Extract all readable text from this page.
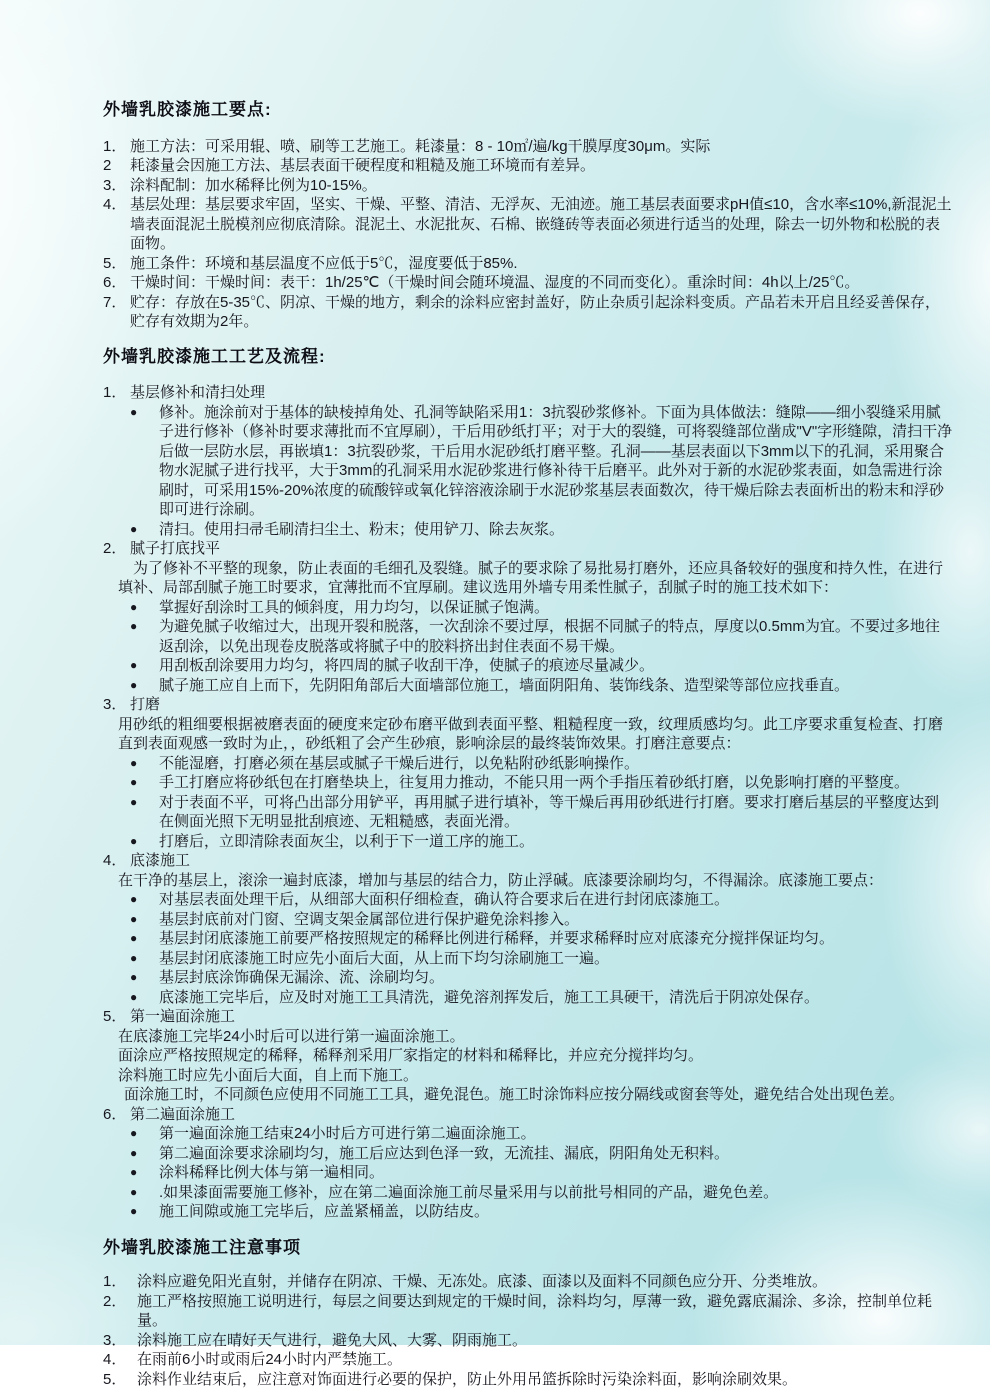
外墙乳胶漆施工要点:
1． 施工方法：可采用辊、喷、刷等工艺施工。耗漆量：8 - 10㎡/遍/kg干膜厚度30μm。实际
2	耗漆量会因施工方法、基层表面干硬程度和粗糙及施工环境而有差异。
3． 涂料配制：加水稀释比例为10-15%。
4． 基层处理：基层要求牢固，坚实、干燥、平整、清洁、无浮灰、无油迹。施工基层表面要求pH值≤10，含水率≤10%,新混泥土墙表面混泥土脱模剂应彻底清除。混泥土、水泥批灰、石棉、嵌缝砖等表面必须进行适当的处理，除去一切外物和松脱的表面物。
5． 施工条件：环境和基层温度不应低于5℃，湿度要低于85%.
6． 干燥时间：干燥时间：表干：1h/25℃（干燥时间会随环境温、湿度的不同而变化）。重涂时间：4h以上/25℃。
7． 贮存：存放在5-35℃、阴凉、干燥的地方，剩余的涂料应密封盖好，防止杂质引起涂料变质。产品若未开启且经妥善保存，贮存有效期为2年。
外墙乳胶漆施工工艺及流程:
1． 基层修补和清扫处理
●	修补。施涂前对于基体的缺棱掉角处、孔洞等缺陷采用1：3抗裂砂浆修补。下面为具体做法：缝隙——细小裂缝采用腻子进行修补（修补时要求薄批而不宜厚刷），干后用砂纸打平；对于大的裂缝，可将裂缝部位凿成"V"字形缝隙，清扫干净后做一层防水层，再嵌填1：3抗裂砂浆，干后用水泥砂纸打磨平整。孔洞——基层表面以下3mm以下的孔洞，采用聚合物水泥腻子进行找平，大于3mm的孔洞采用水泥砂浆进行修补待干后磨平。此外对于新的水泥砂浆表面，如急需进行涂刷时，可采用15%-20%浓度的硫酸锌或氧化锌溶液涂刷于水泥砂浆基层表面数次，待干燥后除去表面析出的粉末和浮砂即可进行涂刷。
●	清扫。使用扫帚毛刷清扫尘土、粉末；使用铲刀、除去灰浆。
2． 腻子打底找平
为了修补不平整的现象，防止表面的毛细孔及裂缝。腻子的要求除了易批易打磨外，还应具备较好的强度和持久性，在进行填补、局部刮腻子施工时要求，宜薄批而不宜厚刷。建议选用外墙专用柔性腻子，刮腻子时的施工技术如下：
●	掌握好刮涂时工具的倾斜度，用力均匀，以保证腻子饱满。
●	为避免腻子收缩过大，出现开裂和脱落，一次刮涂不要过厚，根据不同腻子的特点，厚度以0.5mm为宜。不要过多地往返刮涂，以免出现卷皮脱落或将腻子中的胶料挤出封住表面不易干燥。
●	用刮板刮涂要用力均匀，将四周的腻子收刮干净，使腻子的痕迹尽量减少。
●	腻子施工应自上而下，先阴阳角部后大面墙部位施工，墙面阴阳角、装饰线条、造型梁等部位应找垂直。
3． 打磨
用砂纸的粗细要根据被磨表面的硬度来定砂布磨平做到表面平整、粗糙程度一致，纹理质感均匀。此工序要求重复检查、打磨直到表面观感一致时为止，，砂纸粗了会产生砂痕，影响涂层的最终装饰效果。打磨注意要点：
●	不能湿磨，打磨必须在基层或腻子干燥后进行，以免粘附砂纸影响操作。
●	手工打磨应将砂纸包在打磨垫块上，往复用力推动，不能只用一两个手指压着砂纸打磨，以免影响打磨的平整度。
●	对于表面不平，可将凸出部分用铲平，再用腻子进行填补，等干燥后再用砂纸进行打磨。要求打磨后基层的平整度达到在侧面光照下无明显批刮痕迹、无粗糙感，表面光滑。
●	打磨后，立即清除表面灰尘，以利于下一道工序的施工。
4． 底漆施工
在干净的基层上，滚涂一遍封底漆，增加与基层的结合力，防止浮碱。底漆要涂刷均匀，不得漏涂。底漆施工要点：
●	对基层表面处理干后，从细部大面积仔细检查，确认符合要求后在进行封闭底漆施工。
●	基层封底前对门窗、空调支架金属部位进行保护避免涂料掺入。
●	基层封闭底漆施工前要严格按照规定的稀释比例进行稀释，并要求稀释时应对底漆充分搅拌保证均匀。
●	基层封闭底漆施工时应先小面后大面，从上而下均匀涂刷施工一遍。
●	基层封底涂饰确保无漏涂、流、涂刷均匀。
●	底漆施工完毕后，应及时对施工工具清洗，避免溶剂挥发后，施工工具硬干，清洗后于阴凉处保存。
5． 第一遍面涂施工
在底漆施工完毕24小时后可以进行第一遍面涂施工。
面涂应严格按照规定的稀释，稀释剂采用厂家指定的材料和稀释比，并应充分搅拌均匀。
涂料施工时应先小面后大面，自上而下施工。
面涂施工时，不同颜色应使用不同施工工具，避免混色。施工时涂饰料应按分隔线或窗套等处，避免结合处出现色差。
6． 第二遍面涂施工
●	第一遍面涂施工结束24小时后方可进行第二遍面涂施工。
●	第二遍面涂要求涂刷均匀，施工后应达到色泽一致，无流挂、漏底，阴阳角处无积料。
●	涂料稀释比例大体与第一遍相同。
●	.如果漆面需要施工修补，应在第二遍面涂施工前尽量采用与以前批号相同的产品，避免色差。
●	施工间隙或施工完毕后，应盖紧桶盖，以防结皮。
外墙乳胶漆施工注意事项
1． 涂料应避免阳光直射，并储存在阴凉、干燥、无冻处。底漆、面漆以及面料不同颜色应分开、分类堆放。
2． 施工严格按照施工说明进行，每层之间要达到规定的干燥时间，涂料均匀，厚薄一致，避免露底漏涂、多涂，控制单位耗量。
3． 涂料施工应在晴好天气进行，避免大风、大雾、阴雨施工。
4． 在雨前6小时或雨后24小时内严禁施工。
5． 涂料作业结束后，应注意对饰面进行必要的保护，防止外用吊篮拆除时污染涂料面，影响涂刷效果。
